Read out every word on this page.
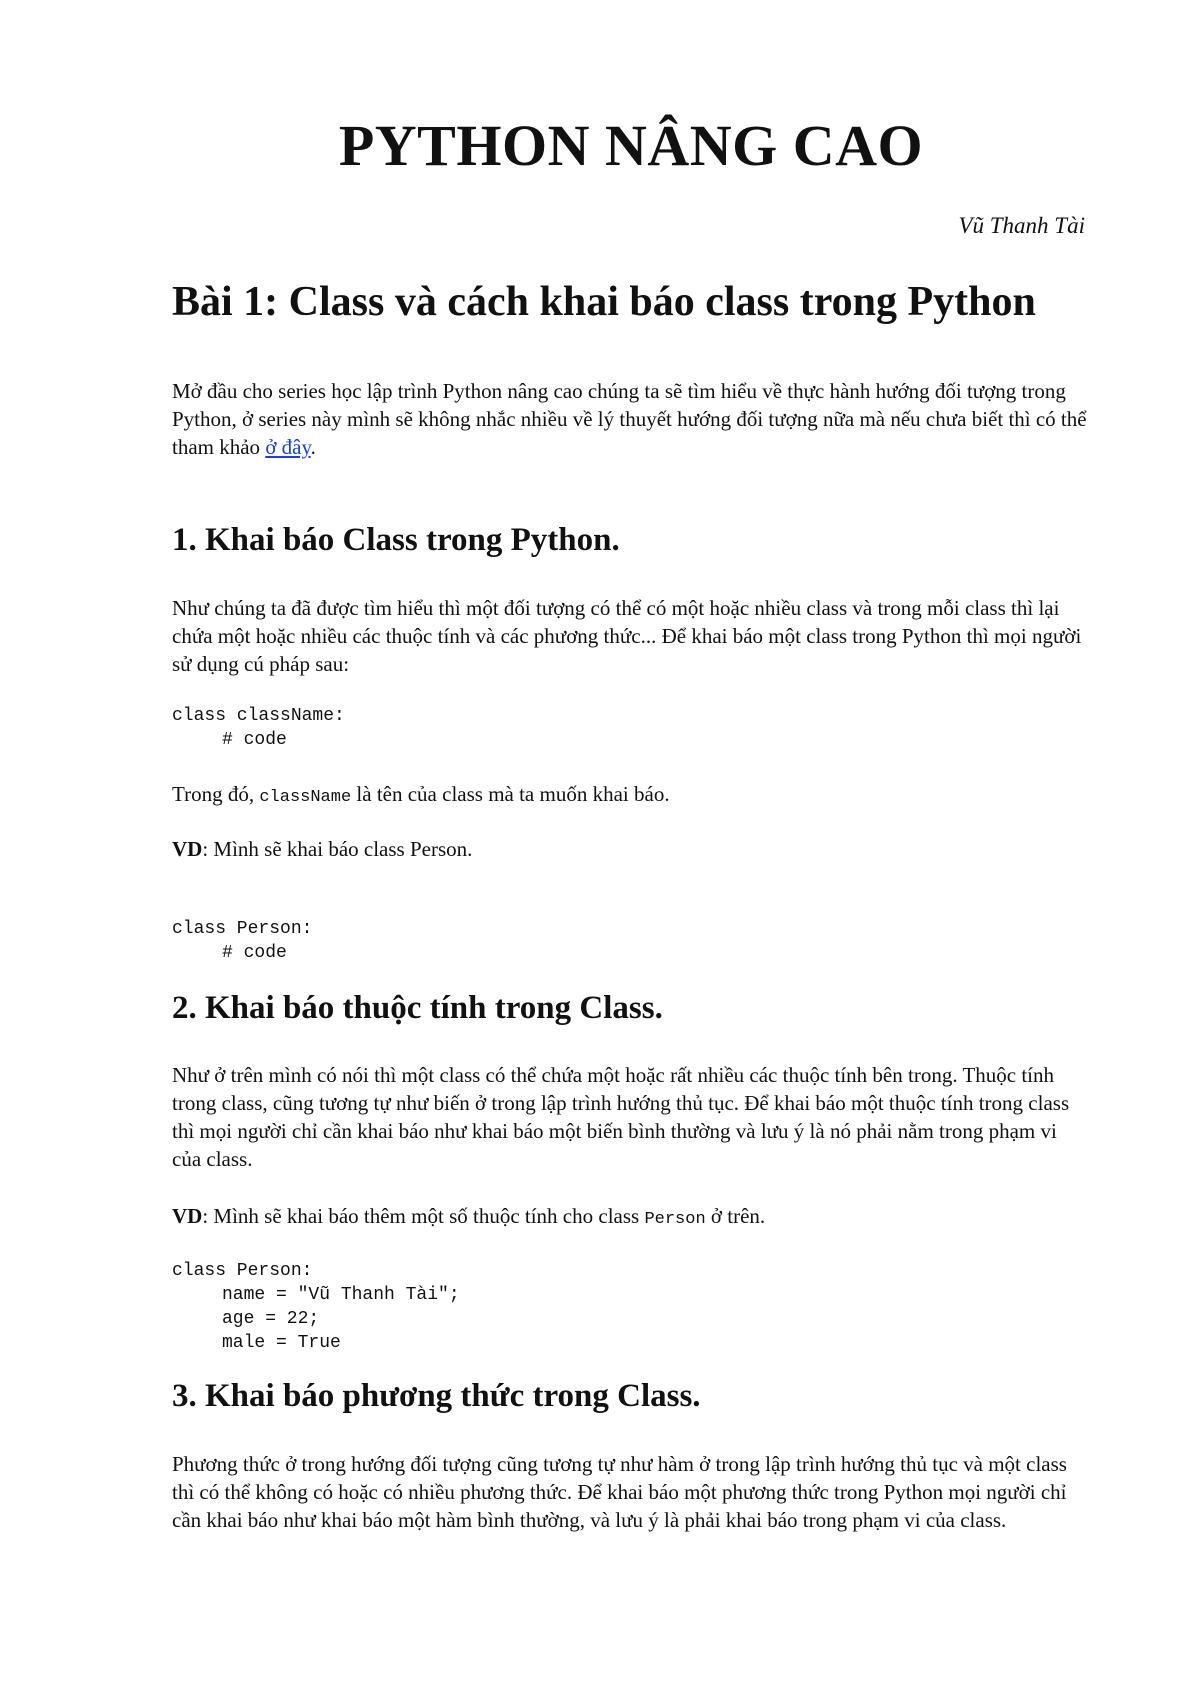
PYTHON NÂNG CAO

Vũ Thanh Tài

Bài 1: Class và cách khai báo class trong Python

Mở đầu cho series học lập trình Python nâng cao chúng ta sẽ tìm hiểu về thực hành hướng đối tượng trong Python, ở series này mình sẽ không nhắc nhiều về lý thuyết hướng đối tượng nữa mà nếu chưa biết thì có thể tham khảo ở đây.

1. Khai báo Class trong Python.

Như chúng ta đã được tìm hiểu thì một đối tượng có thể có một hoặc nhiều class và trong mỗi class thì lại chứa một hoặc nhiều các thuộc tính và các phương thức... Để khai báo một class trong Python thì mọi người sử dụng cú pháp sau:

class className:
# code

Trong đó, className là tên của class mà ta muốn khai báo.

VD: Mình sẽ khai báo class Person.

class Person:
# code
2. Khai báo thuộc tính trong Class.

Như ở trên mình có nói thì một class có thể chứa một hoặc rất nhiều các thuộc tính bên trong. Thuộc tính trong class, cũng tương tự như biến ở trong lập trình hướng thủ tục. Để khai báo một thuộc tính trong class thì mọi người chỉ cần khai báo như khai báo một biến bình thường và lưu ý là nó phải nằm trong phạm vi của class.

VD: Mình sẽ khai báo thêm một số thuộc tính cho class Person ở trên.

class Person:
name = "Vũ Thanh Tài";
age = 22;
male = True
3. Khai báo phương thức trong Class.

Phương thức ở trong hướng đối tượng cũng tương tự như hàm ở trong lập trình hướng thủ tục và một class thì có thể không có hoặc có nhiều phương thức. Để khai báo một phương thức trong Python mọi người chỉ cần khai báo như khai báo một hàm bình thường, và lưu ý là phải khai báo trong phạm vi của class.
